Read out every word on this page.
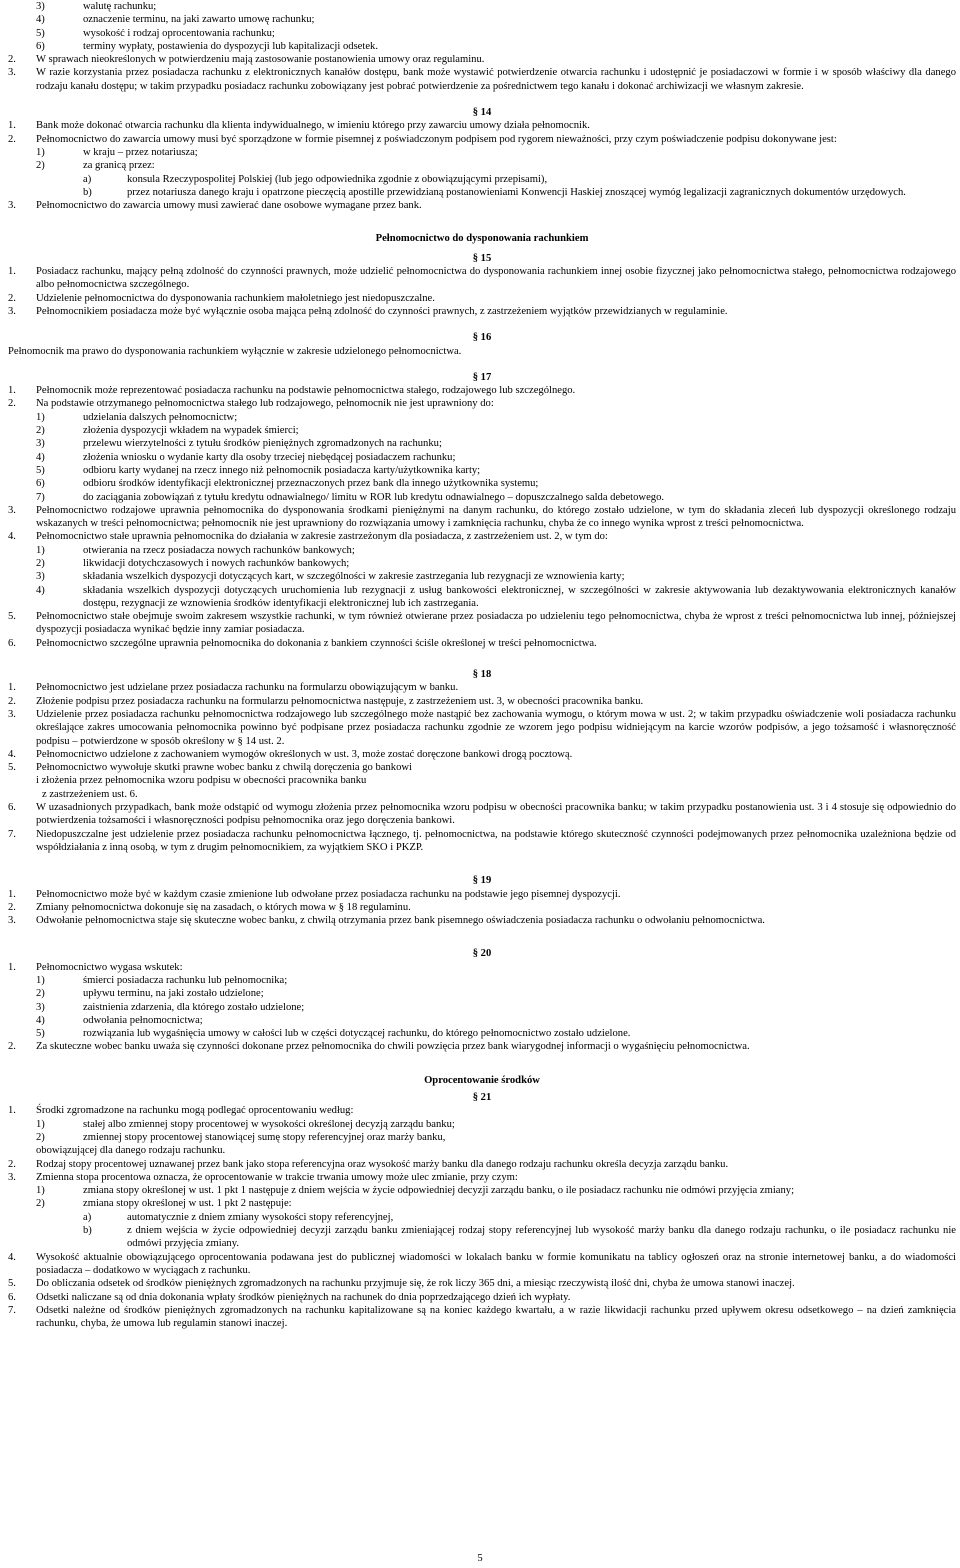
3)	walutę rachunku;
4)	oznaczenie terminu, na jaki zawarto umowę rachunku;
5)	wysokość i rodzaj oprocentowania rachunku;
6)	terminy wypłaty, postawienia do dyspozycji lub kapitalizacji odsetek.
2.	W sprawach nieokreślonych w potwierdzeniu mają zastosowanie postanowienia umowy oraz regulaminu.
3.	W razie korzystania przez posiadacza rachunku z elektronicznych kanałów dostępu, bank może wystawić potwierdzenie otwarcia rachunku i udostępnić je posiadaczowi w formie i w sposób właściwy dla danego rodzaju kanału dostępu; w takim przypadku posiadacz rachunku zobowiązany jest pobrać potwierdzenie za pośrednictwem tego kanału i dokonać archiwizacji we własnym zakresie.
§ 14
1.	Bank może dokonać otwarcia rachunku dla klienta indywidualnego, w imieniu którego przy zawarciu umowy działa pełnomocnik.
2.	Pełnomocnictwo do zawarcia umowy musi być sporządzone w formie pisemnej z poświadczonym podpisem pod rygorem nieważności, przy czym poświadczenie podpisu dokonywane jest:
1)	w kraju – przez notariusza;
2)	za granicą przez:
a)	konsula Rzeczypospolitej Polskiej (lub jego odpowiednika zgodnie z obowiązującymi przepisami),
b)	przez notariusza danego kraju i opatrzone pieczęcią apostille przewidzianą postanowieniami Konwencji Haskiej znoszącej wymóg legalizacji zagranicznych dokumentów urzędowych.
3.	Pełnomocnictwo do zawarcia umowy musi zawierać dane osobowe wymagane przez bank.
Pełnomocnictwo do dysponowania rachunkiem
§ 15
1.	Posiadacz rachunku, mający pełną zdolność do czynności prawnych, może udzielić pełnomocnictwa do dysponowania rachunkiem innej osobie fizycznej jako pełnomocnictwa stałego, pełnomocnictwa rodzajowego albo pełnomocnictwa szczególnego.
2.	Udzielenie pełnomocnictwa do dysponowania rachunkiem małoletniego jest niedopuszczalne.
3.	Pełnomocnikiem posiadacza może być wyłącznie osoba mająca pełną zdolność do czynności prawnych, z zastrzeżeniem wyjątków przewidzianych w regulaminie.
§ 16

Pełnomocnik ma prawo do dysponowania rachunkiem wyłącznie w zakresie udzielonego pełnomocnictwa.

§ 17
1.	Pełnomocnik może reprezentować posiadacza rachunku na podstawie pełnomocnictwa stałego, rodzajowego lub szczególnego.
2.	Na podstawie otrzymanego pełnomocnictwa stałego lub rodzajowego, pełnomocnik nie jest uprawniony do:
1)	udzielania dalszych pełnomocnictw;
2)	złożenia dyspozycji wkładem na wypadek śmierci;
3)	przelewu wierzytelności z tytułu środków pieniężnych zgromadzonych na rachunku;
4)	złożenia wniosku o wydanie karty dla osoby trzeciej niebędącej posiadaczem rachunku;
5)	odbioru karty wydanej na rzecz innego niż pełnomocnik posiadacza karty/użytkownika karty;
6)	odbioru środków identyfikacji elektronicznej przeznaczonych przez bank dla innego użytkownika systemu;
7)	do zaciągania zobowiązań z tytułu kredytu odnawialnego/ limitu w ROR lub kredytu odnawialnego – dopuszczalnego salda debetowego.
3.	Pełnomocnictwo rodzajowe uprawnia pełnomocnika do dysponowania środkami pieniężnymi na danym rachunku, do którego zostało udzielone, w tym do składania zleceń lub dyspozycji określonego rodzaju wskazanych w treści pełnomocnictwa; pełnomocnik nie jest uprawniony do rozwiązania umowy i zamknięcia rachunku, chyba że co innego wynika wprost z treści pełnomocnictwa.
4.	Pełnomocnictwo stałe uprawnia pełnomocnika do działania w zakresie zastrzeżonym dla posiadacza, z zastrzeżeniem ust. 2, w tym do:
1)	otwierania na rzecz posiadacza nowych rachunków bankowych;
2)	likwidacji dotychczasowych i nowych rachunków bankowych;
3)	składania wszelkich dyspozycji dotyczących kart, w szczególności w zakresie zastrzegania lub rezygnacji ze wznowienia karty;
4)	składania wszelkich dyspozycji dotyczących uruchomienia lub rezygnacji z usług bankowości elektronicznej, w szczególności w zakresie aktywowania lub dezaktywowania elektronicznych kanałów dostępu, rezygnacji ze wznowienia środków identyfikacji elektronicznej lub ich zastrzegania.
5.	Pełnomocnictwo stałe obejmuje swoim zakresem wszystkie rachunki, w tym również otwierane przez posiadacza po udzieleniu tego pełnomocnictwa, chyba że wprost z treści pełnomocnictwa lub innej, późniejszej dyspozycji posiadacza wynikać będzie inny zamiar posiadacza.
6.	Pełnomocnictwo szczególne uprawnia pełnomocnika do dokonania z bankiem czynności ściśle określonej w treści pełnomocnictwa.
§ 18
1.	Pełnomocnictwo jest udzielane przez posiadacza rachunku na formularzu obowiązującym w banku.
2.	Złożenie podpisu przez posiadacza rachunku na formularzu pełnomocnictwa następuje, z zastrzeżeniem ust. 3, w obecności pracownika banku.
3.	Udzielenie przez posiadacza rachunku pełnomocnictwa rodzajowego lub szczególnego może nastąpić bez zachowania wymogu, o którym mowa w ust. 2; w takim przypadku oświadczenie woli posiadacza rachunku określające zakres umocowania pełnomocnika powinno być podpisane przez posiadacza rachunku zgodnie ze wzorem jego podpisu widniejącym na karcie wzorów podpisów, a jego tożsamość i własnoręczność podpisu – potwierdzone w sposób określony w § 14 ust. 2.
4.	Pełnomocnictwo udzielone z zachowaniem wymogów określonych w ust. 3, może zostać doręczone bankowi drogą pocztową.
5.	Pełnomocnictwo wywołuje skutki prawne wobec banku z chwilą doręczenia go bankowi

i złożenia przez pełnomocnika wzoru podpisu w obecności pracownika banku

z zastrzeżeniem ust. 6.

6.	W uzasadnionych przypadkach, bank może odstąpić od wymogu złożenia przez pełnomocnika wzoru podpisu w obecności pracownika banku; w takim przypadku postanowienia ust. 3 i 4 stosuje się odpowiednio do potwierdzenia tożsamości i własnoręczności podpisu pełnomocnika oraz jego doręczenia bankowi.
7.	Niedopuszczalne jest udzielenie przez posiadacza rachunku pełnomocnictwa łącznego, tj. pełnomocnictwa, na podstawie którego skuteczność czynności podejmowanych przez pełnomocnika uzależniona będzie od współdziałania z inną osobą, w tym z drugim pełnomocnikiem, za wyjątkiem SKO i PKZP.
§ 19
1.	Pełnomocnictwo może być w każdym czasie zmienione lub odwołane przez posiadacza rachunku na podstawie jego pisemnej dyspozycji.
2.	Zmiany pełnomocnictwa dokonuje się na zasadach, o których mowa w § 18 regulaminu.
3.	Odwołanie pełnomocnictwa staje się skuteczne wobec banku, z chwilą otrzymania przez bank pisemnego oświadczenia posiadacza rachunku o odwołaniu pełnomocnictwa.
§ 20
1.	Pełnomocnictwo wygasa wskutek:
1)	śmierci posiadacza rachunku lub pełnomocnika;
2)	upływu terminu, na jaki zostało udzielone;
3)	zaistnienia zdarzenia, dla którego zostało udzielone;
4)	odwołania pełnomocnictwa;
5)	rozwiązania lub wygaśnięcia umowy w całości lub w części dotyczącej rachunku, do którego pełnomocnictwo zostało udzielone.
2.	Za skuteczne wobec banku uważa się czynności dokonane przez pełnomocnika do chwili powzięcia przez bank wiarygodnej informacji o wygaśnięciu pełnomocnictwa.
Oprocentowanie środków
§ 21
1.	Środki zgromadzone na rachunku mogą podlegać oprocentowaniu według:
1)	stałej albo zmiennej stopy procentowej w wysokości określonej decyzją zarządu banku;
2)	zmiennej stopy procentowej stanowiącej sumę stopy referencyjnej oraz marży banku,

obowiązującej dla danego rodzaju rachunku.

2.	Rodzaj stopy procentowej uznawanej przez bank jako stopa referencyjna oraz wysokość marży banku dla danego rodzaju rachunku określa decyzja zarządu banku.
3.	Zmienna stopa procentowa oznacza, że oprocentowanie w trakcie trwania umowy może ulec zmianie, przy czym:
1)	zmiana stopy określonej w ust. 1 pkt 1 następuje z dniem wejścia w życie odpowiedniej decyzji zarządu banku, o ile posiadacz rachunku nie odmówi przyjęcia zmiany;
2)	zmiana stopy określonej w ust. 1 pkt 2 następuje:
a)	automatycznie z dniem zmiany wysokości stopy referencyjnej,
b)	z dniem wejścia w życie odpowiedniej decyzji zarządu banku zmieniającej rodzaj stopy referencyjnej lub wysokość marży banku dla danego rodzaju rachunku, o ile posiadacz rachunku nie odmówi przyjęcia zmiany.
4.	Wysokość aktualnie obowiązującego oprocentowania podawana jest do publicznej wiadomości w lokalach banku w formie komunikatu na tablicy ogłoszeń oraz na stronie internetowej banku, a do wiadomości posiadacza – dodatkowo w wyciągach z rachunku.
5.	Do obliczania odsetek od środków pieniężnych zgromadzonych na rachunku przyjmuje się, że rok liczy 365 dni, a miesiąc rzeczywistą ilość dni, chyba że umowa stanowi inaczej.
6.	Odsetki naliczane są od dnia dokonania wpłaty środków pieniężnych na rachunek do dnia poprzedzającego dzień ich wypłaty.
7.	Odsetki należne od środków pieniężnych zgromadzonych na rachunku kapitalizowane są na koniec każdego kwartału, a w razie likwidacji rachunku przed upływem okresu odsetkowego – na dzień zamknięcia rachunku, chyba, że umowa lub regulamin stanowi inaczej.
5
